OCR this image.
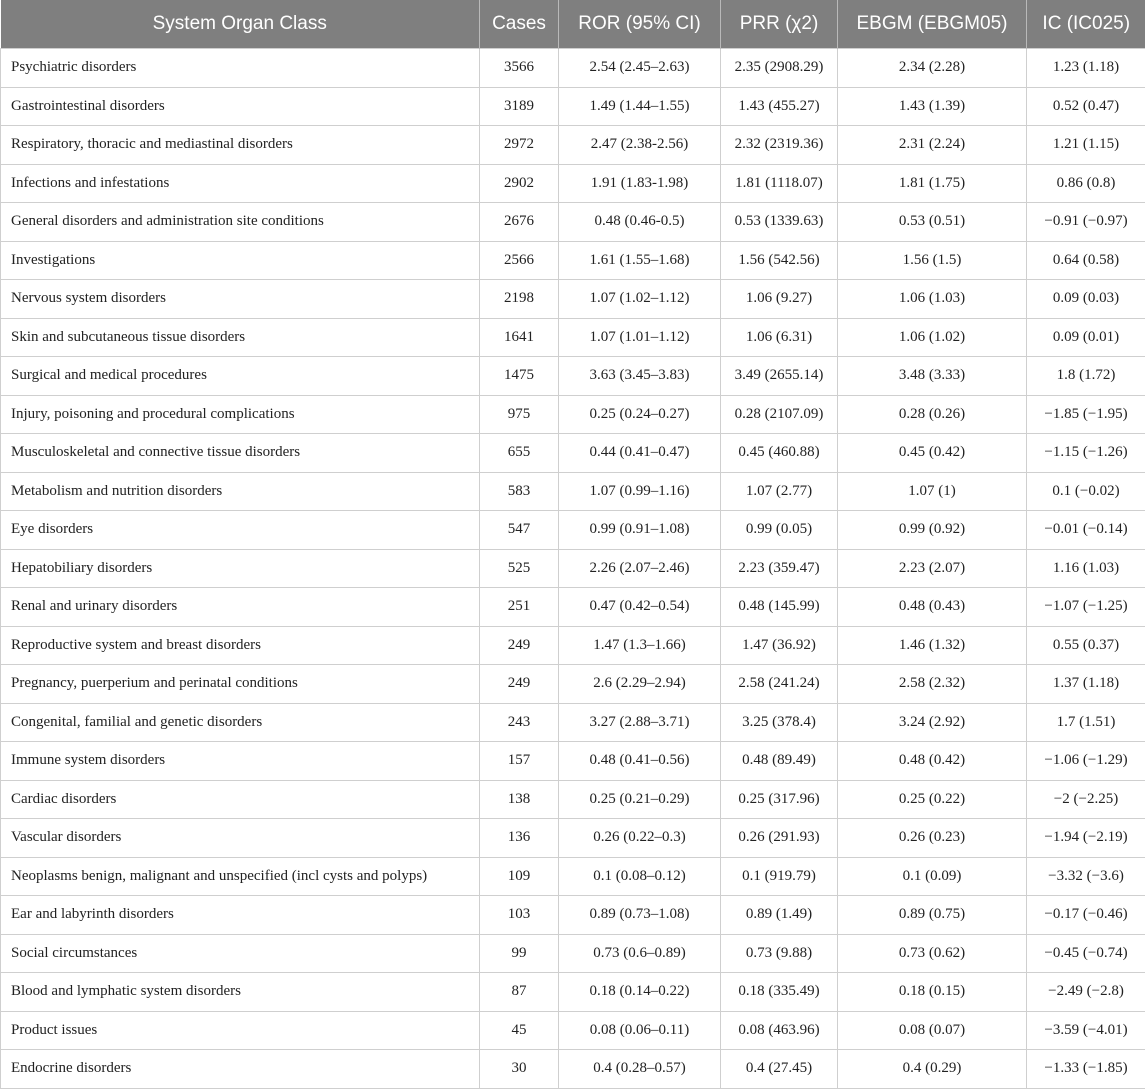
System Organ Class	Cases	ROR (95% CI)	PRR (χ2)	EBGM (EBGM05)	IC (IC025)
Psychiatric disorders	3566	2.54 (2.45–2.63)	2.35 (2908.29)	2.34 (2.28)	1.23 (1.18)
Gastrointestinal disorders	3189	1.49 (1.44–1.55)	1.43 (455.27)	1.43 (1.39)	0.52 (0.47)
Respiratory, thoracic and mediastinal disorders	2972	2.47 (2.38-2.56)	2.32 (2319.36)	2.31 (2.24)	1.21 (1.15)
Infections and infestations	2902	1.91 (1.83-1.98)	1.81 (1118.07)	1.81 (1.75)	0.86 (0.8)
General disorders and administration site conditions	2676	0.48 (0.46-0.5)	0.53 (1339.63)	0.53 (0.51)	−0.91 (−0.97)
Investigations	2566	1.61 (1.55–1.68)	1.56 (542.56)	1.56 (1.5)	0.64 (0.58)
Nervous system disorders	2198	1.07 (1.02–1.12)	1.06 (9.27)	1.06 (1.03)	0.09 (0.03)
Skin and subcutaneous tissue disorders	1641	1.07 (1.01–1.12)	1.06 (6.31)	1.06 (1.02)	0.09 (0.01)
Surgical and medical procedures	1475	3.63 (3.45–3.83)	3.49 (2655.14)	3.48 (3.33)	1.8 (1.72)
Injury, poisoning and procedural complications	975	0.25 (0.24–0.27)	0.28 (2107.09)	0.28 (0.26)	−1.85 (−1.95)
Musculoskeletal and connective tissue disorders	655	0.44 (0.41–0.47)	0.45 (460.88)	0.45 (0.42)	−1.15 (−1.26)
Metabolism and nutrition disorders	583	1.07 (0.99–1.16)	1.07 (2.77)	1.07 (1)	0.1 (−0.02)
Eye disorders	547	0.99 (0.91–1.08)	0.99 (0.05)	0.99 (0.92)	−0.01 (−0.14)
Hepatobiliary disorders	525	2.26 (2.07–2.46)	2.23 (359.47)	2.23 (2.07)	1.16 (1.03)
Renal and urinary disorders	251	0.47 (0.42–0.54)	0.48 (145.99)	0.48 (0.43)	−1.07 (−1.25)
Reproductive system and breast disorders	249	1.47 (1.3–1.66)	1.47 (36.92)	1.46 (1.32)	0.55 (0.37)
Pregnancy, puerperium and perinatal conditions	249	2.6 (2.29–2.94)	2.58 (241.24)	2.58 (2.32)	1.37 (1.18)
Congenital, familial and genetic disorders	243	3.27 (2.88–3.71)	3.25 (378.4)	3.24 (2.92)	1.7 (1.51)
Immune system disorders	157	0.48 (0.41–0.56)	0.48 (89.49)	0.48 (0.42)	−1.06 (−1.29)
Cardiac disorders	138	0.25 (0.21–0.29)	0.25 (317.96)	0.25 (0.22)	−2 (−2.25)
Vascular disorders	136	0.26 (0.22–0.3)	0.26 (291.93)	0.26 (0.23)	−1.94 (−2.19)
Neoplasms benign, malignant and unspecified (incl cysts and polyps)	109	0.1 (0.08–0.12)	0.1 (919.79)	0.1 (0.09)	−3.32 (−3.6)
Ear and labyrinth disorders	103	0.89 (0.73–1.08)	0.89 (1.49)	0.89 (0.75)	−0.17 (−0.46)
Social circumstances	99	0.73 (0.6–0.89)	0.73 (9.88)	0.73 (0.62)	−0.45 (−0.74)
Blood and lymphatic system disorders	87	0.18 (0.14–0.22)	0.18 (335.49)	0.18 (0.15)	−2.49 (−2.8)
Product issues	45	0.08 (0.06–0.11)	0.08 (463.96)	0.08 (0.07)	−3.59 (−4.01)
Endocrine disorders	30	0.4 (0.28–0.57)	0.4 (27.45)	0.4 (0.29)	−1.33 (−1.85)
